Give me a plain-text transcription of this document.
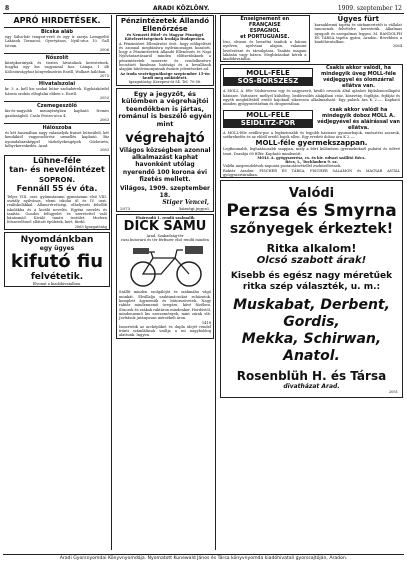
8	ARADI KÖZLÖNY.	1909. szeptember 12
APRÓ HIRDETÉSEK.
Bicska aláb
egy Sába-bár tengeri-verő és egy ír szerja Lemgyeltő Lakások Tornacsó, Gyertyános, Nyúl-utca 10. Gall Istvan.
2006
Nőszolít
középkorúnyak és tisztes hivatalnok kerestetnek, hogyha egy kis vagyonnal hoz. Lámpa 1 db Kölcsönvágyhoz könyvekszórás Esztll, Wolkart hálóban.
2075
Hivatalszolai
kr. 3. a. kell kis szokai bútor szobabérek. Egyházkördel három szobás elfoglalni ebben s. Esztll.
2053
Czemegeszölő
kis-és-nagyobb mennyiségben kapható Nemes gazdaságból. Csala Festes-utca 4.
2063
Hálószoba
és két használtan nagy valamelyik fraiset bútorából, két kendáktól vagyonelőrész urmellés kapható. Biz nyomdabaraképpel tűzhelyekesgépek Görbeirén, kóbyvkereskedés. Arad.
2083
Lühne-féle
tan- és nevelőintézet
SOPRON.
Fennáll 55 év óta.
Teljes VIII. oszt. gyűmnáziumi gymnázium első VIII. osztály nyilvános, elemi iskolai ül és IV. oszt. reáliskolákkal. Állami-érettségi, elhelyezés felsőbb iskolákba és a kiváló nevelés. Egyéni nevelés és tanítás. Gondos felügyelet és szeretettel való bánásmód. Kiváló tanári testület. Modern felszereléssel ellátott épületek, kert, fürdő.
2063 Igazgatóság
Nyomdánkban
egy ügyes
kifutó fiu
felvétetik.
Elvonat a kiadóhivatalban.
Pénzintézetek Állandó Ellenőrzése
és Nemzeti Hitel- és Magyar Pénzügyi Kötelezettségeinek Irodája Budapesten.
A Pénzintézet Ellenőrzést óvót, hogy eddigeléséi és azonnal megbízásra nyilvánosságra hozatott, hogy a Pénzintézetek Állandó Ellenőrzés és Napi Nyilvántartásairól minden előfizetőnknek a pénzintézetek ismerete és rendelkezésre bocsátott bizalmas hatósági és a bevallások alapján hitelviszonyainak őszinte jelentéseket ad.
Az iroda vezérügynöksége szeptember 15-én kezdi meg működését.
Igazgatóság: Kerepesi-út 54. Tel. 70-56.
Egy a jegyzőt, és külömben a végrehajtói teendőkben is jártas, románul is beszélő egyén mint
végrehajtó
Világos községben azonnal alkalmazást kaphat havonként utólag nyerendő 100 korona évi fizetés mellett.
Világos, 1909. szeptember 18.
Stiger Vencel,
2073	községi jegyző.
Elsőrendű 1. rendű szalmalik
DICK SAMU
Arad, Szabadság-tér
rizsi butorárú és tér férfiszer első rendű minden
Szállít minden szolgálóját és szakmába vágó munkát. Elvállalja szaktanácsokat ruházatok, komplett ágyneműk és bútorszövetek. Nagy raktár mindennemű üvegáru, kávé főzőben. Stuczok és zsákok raktáron mindenkor. Hordóstól, mindennemű kis szerzemények, mint zárak stb. Javítások jutányosan mérsékelt áron.
1418
Ismertetik az arcképüket és dupla idejét rendel iránti számlálások szallja a mi nagyboldog alattunk. Ingyen.
Enseignement en
FRANÇAISE
ESPAGNOL
et PORTUGUAISE.
Írni, olvasni és beszélni tanítok a három nyelven, nyelvtani alapon, valamint levelezésre és társalgásra. Tanítás magam lakásán vagy házon. Megbízásokat kérek a kiadóhivatalba.
Ügyes fürt
karnakbemű tapéta és sárkamertetőt is vállalat tanoncnak felvételre kerestetik. Alkalmas nyugodt és szorgalmas legyen. M. RANDOLPH ÉS TÁRSA tapéta gyára, Aradon. Bővebben a kiadóhivatalban.
2064
MOLL-FÉLE
SÓS-BORSZESZ
Csakis akkor valódi, ha mindegyik üveg MOLL-féle védjeggyel és ólomzárral ellátva van.
A MOLL A. féle Sósborszesz egy és nagyszerű, kiváló orvosok által ajánlott fájdalomcsillapító háziszer. Vattaszer, mellyel külsőleg, bedörzsölés alakjában csúz, köszvény, fogfájás, fejfájás és egyéb meghűlésből eredő bajoknál sikeresen alkalmazható. Egy palack ára K 2.—. Kapható minden gyógyszertárban és drogueriában.
MOLL-FÉLE
SEIDLITZ-POR
csak akkor valódi ha mindegyik doboz MOLL A. védjegyével és aláírással van ellátva.
A MOLL-féle seidlitz-por a legbiztosabb és legjobb háziszer gyomorbajok, emésztési zavarok, székrekedés és az ebből eredő bajok ellen. Egy eredeti doboz ára K 2.—.
MOLL-féle gyermekszappan.
Legfinomabb, leghatásosabb szappan, mely a bőrt különösen gyermekeknél puhává és üdévé teszi. Darabja 60 fillér. Kapható mindenütt.
MOLL A. gyógyszerész, cs. és kir. udvari szállító Bécs.
Bécs, I., Tuchlauben 9. sz.
Vidéki megrendelések naponta postautánvétellel eszközöltetnek.
Raktár Aradon: FISCHER ÉS TÁRSA, FISCHER SALAMON és MAGYAR ANTAL gyógyszertáraiban.
Valódi
Perzsa és Smyrna
szőnyegek érkeztek!
Ritka alkalom!
Olcsó szabott árak!
Kisebb és egész nagy méretűek ritka szép választék, u. m.:
Muskabat, Derbent, Gordis,
Mekka, Schirwan, Anatol.
Rosenblüh H. és Társa
divatházat Arad.
2051
Aradi Gyorsnyomdai Könyvnyomdája. Nyomatott Kunewald János és Társa könyvnyomda kiadóhivatali gyorssajtóján, Aradon.
